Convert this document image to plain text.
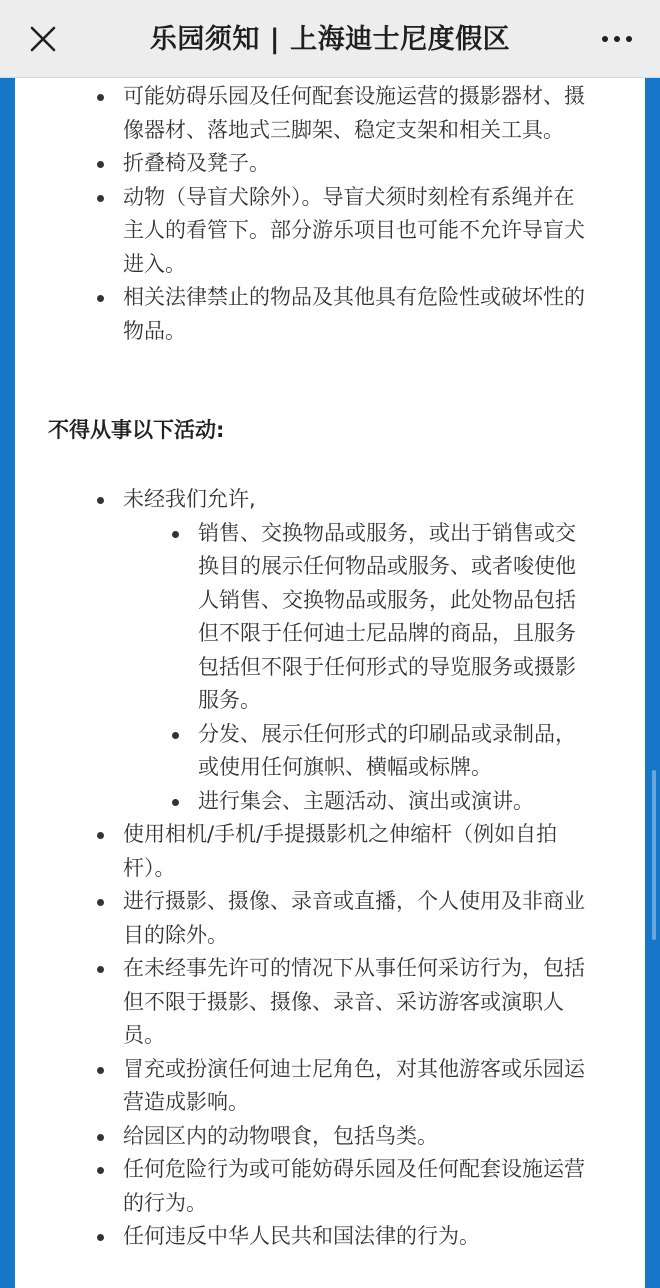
乐园须知 | 上海迪士尼度假区
可能妨碍乐园及任何配套设施运营的摄影器材、摄像器材、落地式三脚架、稳定支架和相关工具。
折叠椅及凳子。
动物（导盲犬除外）。导盲犬须时刻栓有系绳并在主人的看管下。部分游乐项目也可能不允许导盲犬进入。
相关法律禁止的物品及其他具有危险性或破坏性的物品。
不得从事以下活动:
未经我们允许,
销售、交换物品或服务，或出于销售或交换目的展示任何物品或服务、或者唆使他人销售、交换物品或服务，此处物品包括但不限于任何迪士尼品牌的商品，且服务包括但不限于任何形式的导览服务或摄影服务。
分发、展示任何形式的印刷品或录制品，或使用任何旗帜、横幅或标牌。
进行集会、主题活动、演出或演讲。
使用相机/手机/手提摄影机之伸缩杆（例如自拍杆）。
进行摄影、摄像、录音或直播，个人使用及非商业目的除外。
在未经事先许可的情况下从事任何采访行为，包括但不限于摄影、摄像、录音、采访游客或演职人员。
冒充或扮演任何迪士尼角色，对其他游客或乐园运营造成影响。
给园区内的动物喂食，包括鸟类。
任何危险行为或可能妨碍乐园及任何配套设施运营的行为。
任何违反中华人民共和国法律的行为。
